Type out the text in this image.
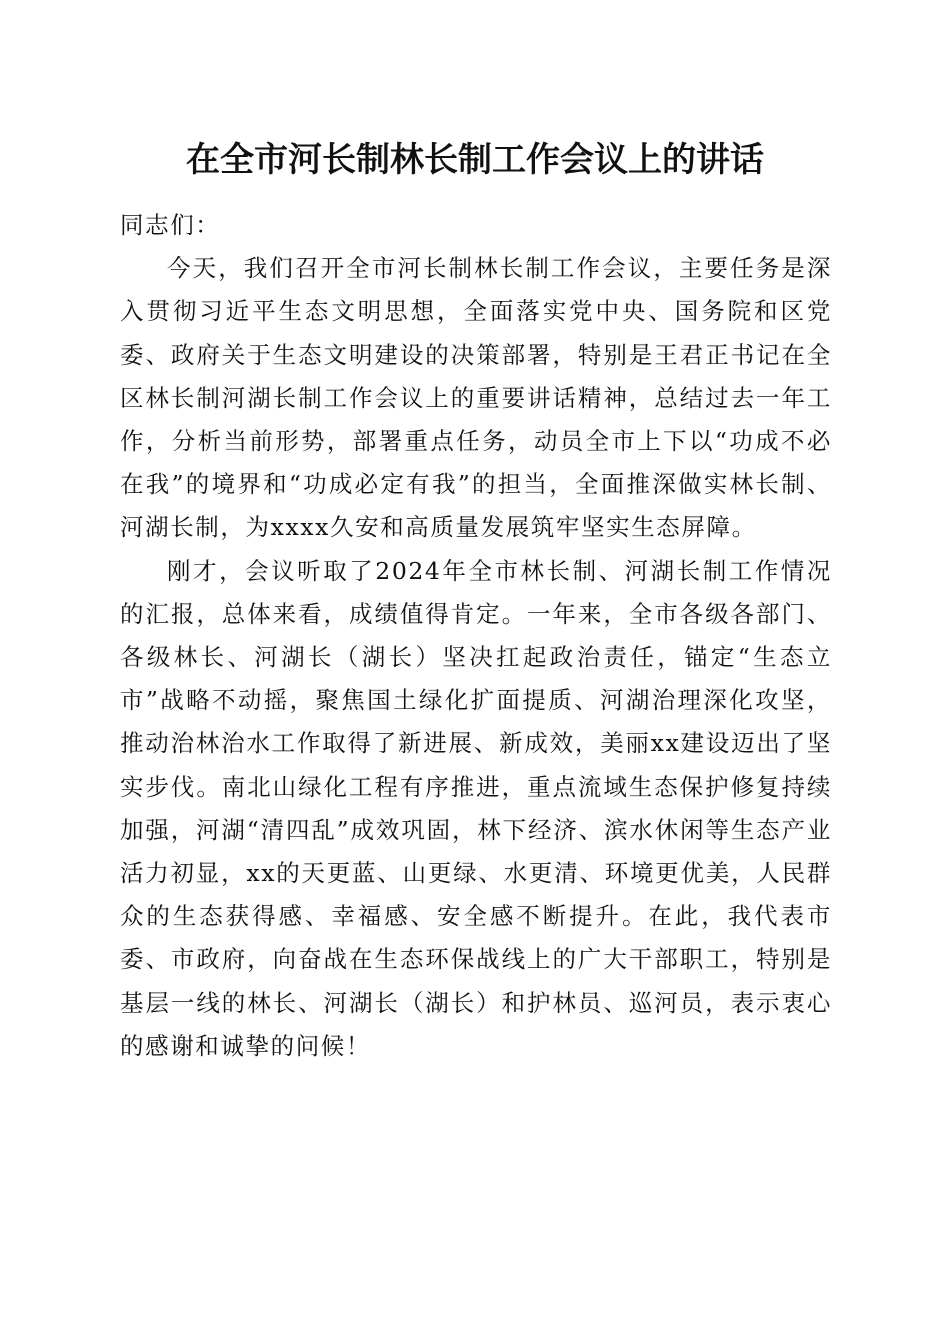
在全市河长制林长制工作会议上的讲话

同志们：

今天，我们召开全市河长制林长制工作会议，主要任务是深入贯彻习近平生态文明思想，全面落实党中央、国务院和区党委、政府关于生态文明建设的决策部署，特别是王君正书记在全区林长制河湖长制工作会议上的重要讲话精神，总结过去一年工作，分析当前形势，部署重点任务，动员全市上下以“功成不必在我”的境界和“功成必定有我”的担当，全面推深做实林长制、河湖长制，为xxxx久安和高质量发展筑牢坚实生态屏障。

刚才，会议听取了2024年全市林长制、河湖长制工作情况的汇报，总体来看，成绩值得肯定。一年来，全市各级各部门、各级林长、河湖长（湖长）坚决扛起政治责任，锚定“生态立市”战略不动摇，聚焦国土绿化扩面提质、河湖治理深化攻坚，推动治林治水工作取得了新进展、新成效，美丽xx建设迈出了坚实步伐。南北山绿化工程有序推进，重点流域生态保护修复持续加强，河湖“清四乱”成效巩固，林下经济、滨水休闲等生态产业活力初显，xx的天更蓝、山更绿、水更清、环境更优美，人民群众的生态获得感、幸福感、安全感不断提升。在此，我代表市委、市政府，向奋战在生态环保战线上的广大干部职工，特别是基层一线的林长、河湖长（湖长）和护林员、巡河员，表示衷心的感谢和诚挚的问候！
